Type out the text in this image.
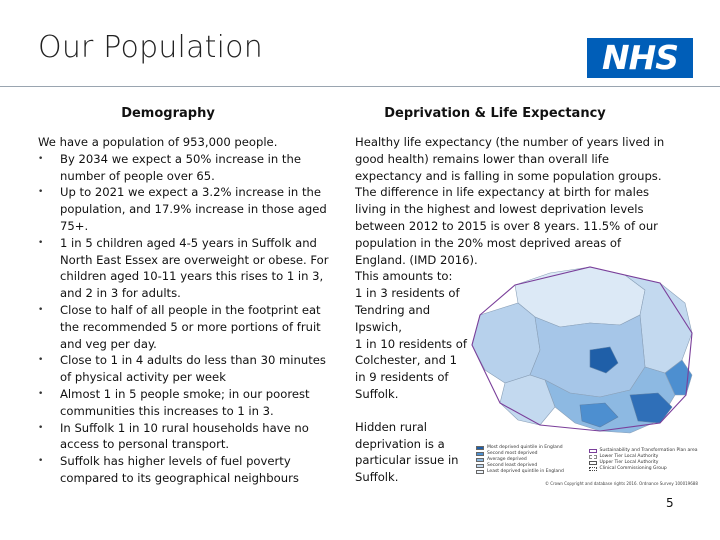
Our Population	NHS
Demography	Deprivation & Life Expectancy
We have a population of 953,000 people.
• By 2034 we expect a 50% increase in the number of people over 65.
• Up to 2021 we expect a 3.2% increase in the population, and 17.9% increase in those aged 75+.
• 1 in 5 children aged 4-5 years in Suffolk and North East Essex are overweight or obese. For children aged 10-11 years this rises to 1 in 3, and 2 in 3 for adults.
• Close to half of all people in the footprint eat the recommended 5 or more portions of fruit and veg per day.
• Close to 1 in 4 adults do less than 30 minutes of physical activity per week
• Almost 1 in 5 people smoke; in our poorest communities this increases to 1 in 3.
• In Suffolk 1 in 10 rural households have no access to personal transport.
• Suffolk has higher levels of fuel poverty compared to its geographical neighbours

Healthy life expectancy (the number of years lived in good health) remains lower than overall life expectancy and is falling in some population groups. The difference in life expectancy at birth for males living in the highest and lowest deprivation levels between 2012 to 2015 is over 8 years. 11.5% of our population in the 20% most deprived areas of England. (IMD 2016).

This amounts to:
1 in 3 residents of
Tendring and
Ipswich,
1 in 10 residents of
Colchester, and 1
in 9 residents of
Suffolk.

Hidden rural deprivation is a particular issue in Suffolk.

Most deprived quintile in England
Second most deprived
Average deprived
Second least deprived
Least deprived quintile in England
Sustainability and Transformation Plan area
Lower Tier Local Authority
Upper Tier Local Authority
Clinical Commissioning Group
© Crown Copyright and database rights 2016. Ordnance Survey 100019688
5
